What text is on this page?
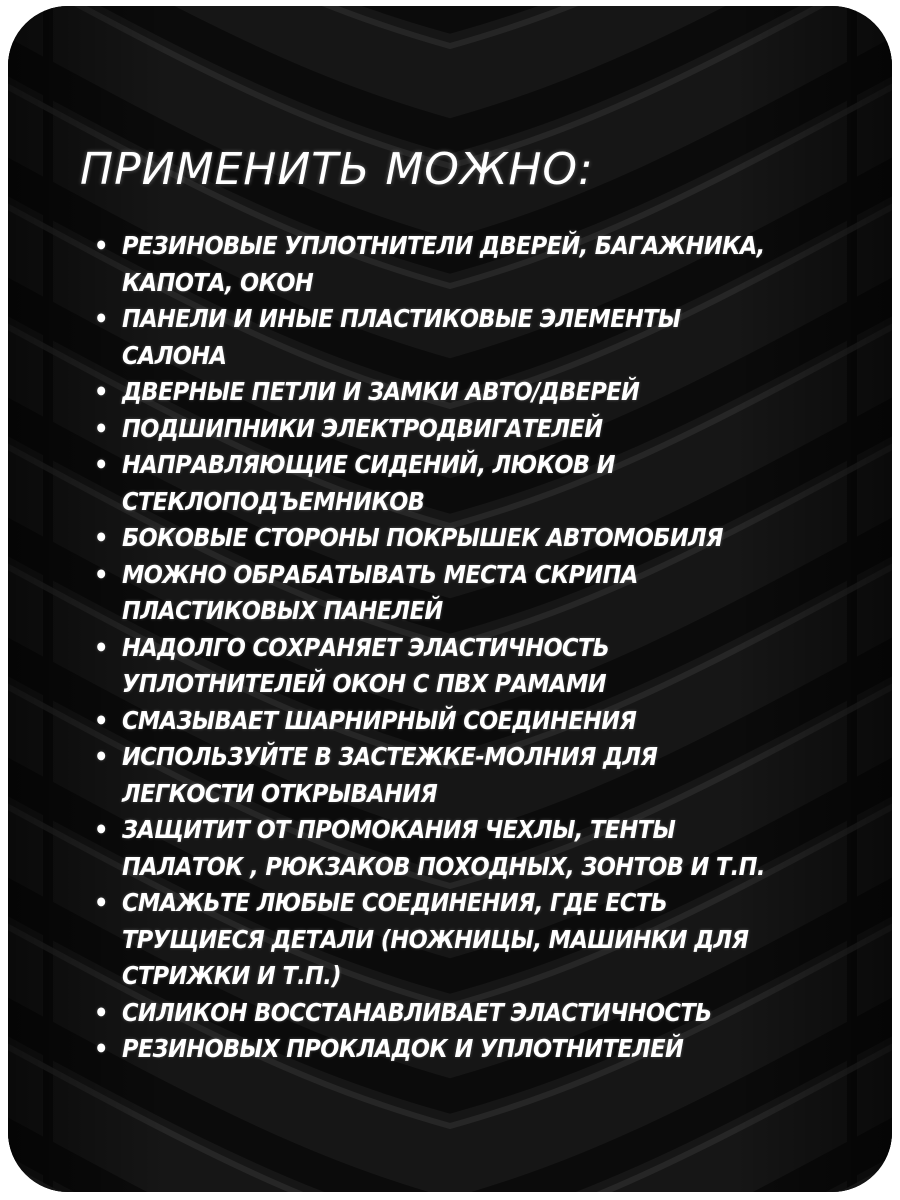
ПРИМЕНИТЬ МОЖНО:
• РЕЗИНОВЫЕ УПЛОТНИТЕЛИ ДВЕРЕЙ, БАГАЖНИКА,
КАПОТА, ОКОН
• ПАНЕЛИ И ИНЫЕ ПЛАСТИКОВЫЕ ЭЛЕМЕНТЫ
САЛОНА
• ДВЕРНЫЕ ПЕТЛИ И ЗАМКИ АВТО/ДВЕРЕЙ
• ПОДШИПНИКИ ЭЛЕКТРОДВИГАТЕЛЕЙ
• НАПРАВЛЯЮЩИЕ СИДЕНИЙ, ЛЮКОВ И
СТЕКЛОПОДЪЕМНИКОВ
• БОКОВЫЕ СТОРОНЫ ПОКРЫШЕК АВТОМОБИЛЯ
• МОЖНО ОБРАБАТЫВАТЬ МЕСТА СКРИПА
ПЛАСТИКОВЫХ ПАНЕЛЕЙ
• НАДОЛГО СОХРАНЯЕТ ЭЛАСТИЧНОСТЬ
УПЛОТНИТЕЛЕЙ ОКОН С ПВХ РАМАМИ
• СМАЗЫВАЕТ ШАРНИРНЫЙ СОЕДИНЕНИЯ
• ИСПОЛЬЗУЙТЕ В ЗАСТЕЖКЕ-МОЛНИЯ ДЛЯ
ЛЕГКОСТИ ОТКРЫВАНИЯ
• ЗАЩИТИТ ОТ ПРОМОКАНИЯ ЧЕХЛЫ, ТЕНТЫ
ПАЛАТОК , РЮКЗАКОВ ПОХОДНЫХ, ЗОНТОВ И Т.П.
• СМАЖЬТЕ ЛЮБЫЕ СОЕДИНЕНИЯ, ГДЕ ЕСТЬ
ТРУЩИЕСЯ ДЕТАЛИ (НОЖНИЦЫ, МАШИНКИ ДЛЯ
СТРИЖКИ И Т.П.)
• СИЛИКОН ВОССТАНАВЛИВАЕТ ЭЛАСТИЧНОСТЬ
• РЕЗИНОВЫХ ПРОКЛАДОК И УПЛОТНИТЕЛЕЙ
